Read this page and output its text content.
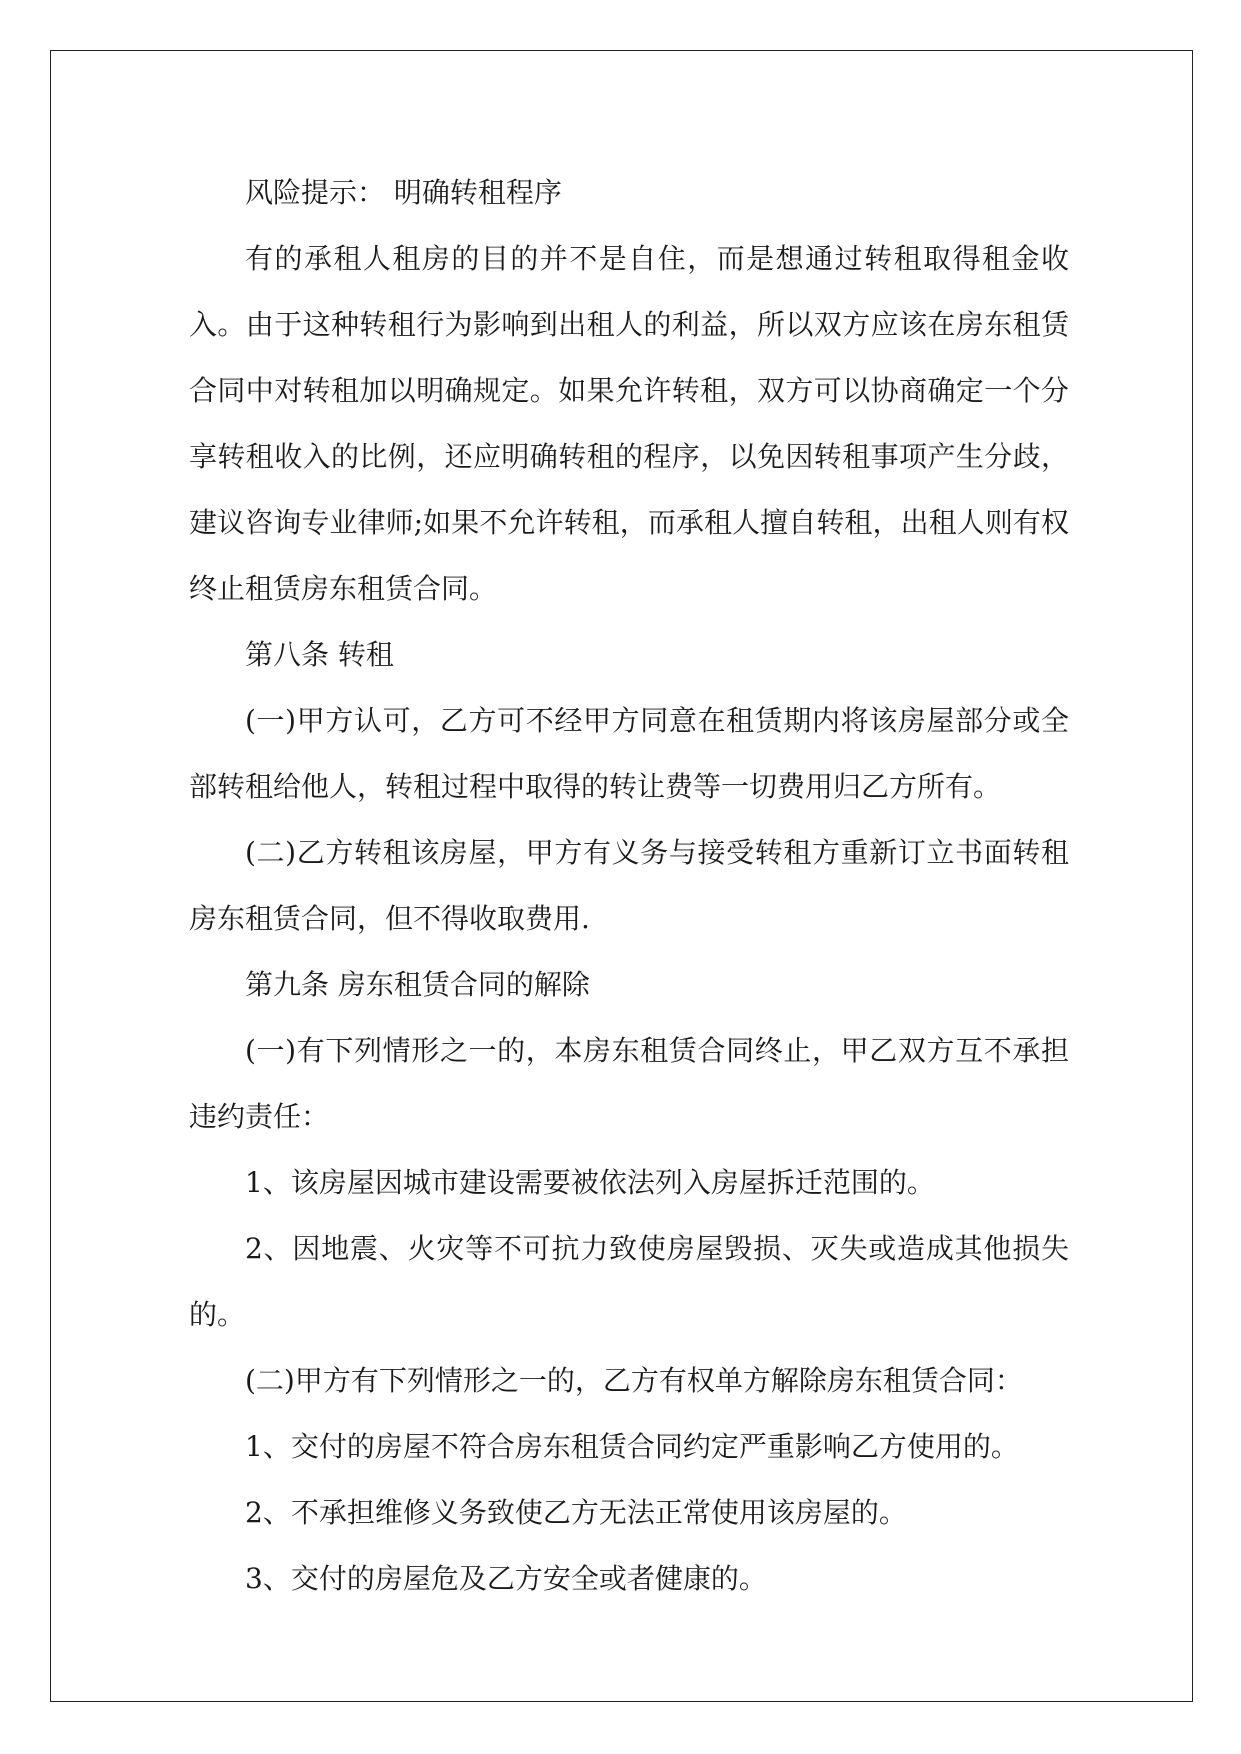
风险提示： 明确转租程序

有的承租人租房的目的并不是自住，而是想通过转租取得租金收入。由于这种转租行为影响到出租人的利益，所以双方应该在房东租赁合同中对转租加以明确规定。如果允许转租，双方可以协商确定一个分享转租收入的比例，还应明确转租的程序，以免因转租事项产生分歧，建议咨询专业律师;如果不允许转租，而承租人擅自转租，出租人则有权终止租赁房东租赁合同。

第八条 转租

(一)甲方认可，乙方可不经甲方同意在租赁期内将该房屋部分或全部转租给他人，转租过程中取得的转让费等一切费用归乙方所有。

(二)乙方转租该房屋，甲方有义务与接受转租方重新订立书面转租房东租赁合同，但不得收取费用.

第九条 房东租赁合同的解除

(一)有下列情形之一的，本房东租赁合同终止，甲乙双方互不承担违约责任：

1、该房屋因城市建设需要被依法列入房屋拆迁范围的。

2、因地震、火灾等不可抗力致使房屋毁损、灭失或造成其他损失的。

(二)甲方有下列情形之一的，乙方有权单方解除房东租赁合同：

1、交付的房屋不符合房东租赁合同约定严重影响乙方使用的。

2、不承担维修义务致使乙方无法正常使用该房屋的。

3、交付的房屋危及乙方安全或者健康的。
